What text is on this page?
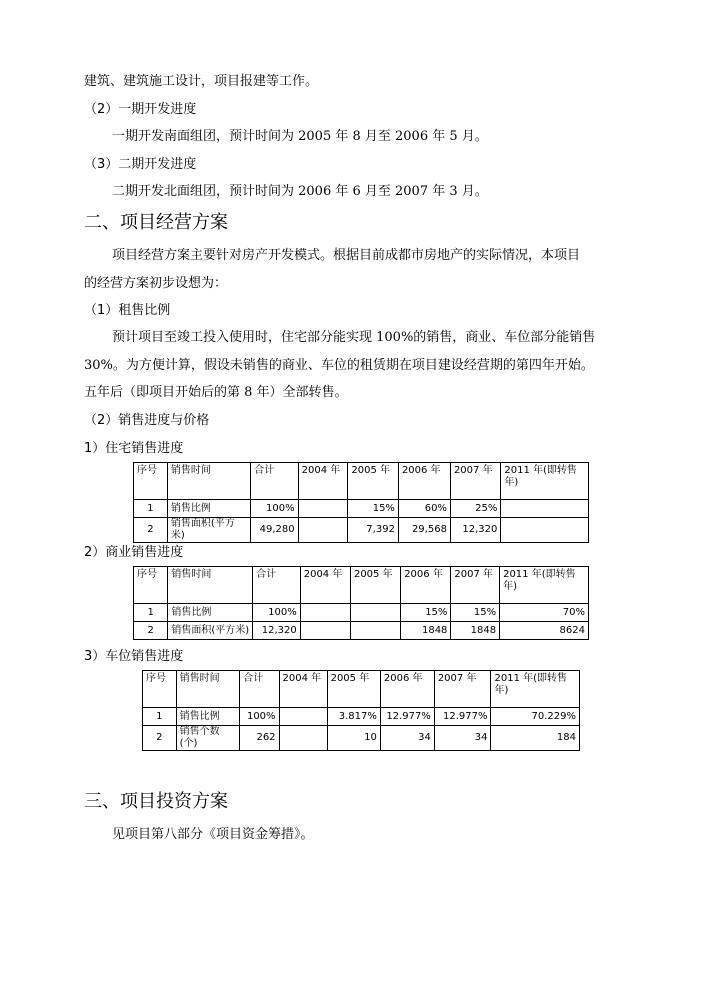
建筑、建筑施工设计，项目报建等工作。
（2）一期开发进度
一期开发南面组团，预计时间为 2005 年 8 月至 2006 年 5 月。
（3）二期开发进度
二期开发北面组团，预计时间为 2006 年 6 月至 2007 年 3 月。
二、项目经营方案
项目经营方案主要针对房产开发模式。根据目前成都市房地产的实际情况，本项目
的经营方案初步设想为：
（1）租售比例
预计项目至竣工投入使用时，住宅部分能实现 100%的销售，商业、车位部分能销售
30%。为方便计算，假设未销售的商业、车位的租赁期在项目建设经营期的第四年开始。
五年后（即项目开始后的第 8 年）全部转售。
（2）销售进度与价格
1）住宅销售进度
序号	销售时间	合计	2004 年	2005 年	2006 年	2007 年	2011 年(即转售年)
1	销售比例	100%		15%	60%	25%	
2	销售面积(平方米)	49,280		7,392	29,568	12,320	
2）商业销售进度
序号	销售时间	合计	2004 年	2005 年	2006 年	2007 年	2011 年(即转售年)
1	销售比例	100%			15%	15%	70%
2	销售面积(平方米)	12,320			1848	1848	8624
3）车位销售进度
序号	销售时间	合计	2004 年	2005 年	2006 年	2007 年	2011 年(即转售年)
1	销售比例	100%		3.817%	12.977%	12.977%	70.229%
2	销售个数(个)	262		10	34	34	184
三、项目投资方案
见项目第八部分《项目资金筹措》。
